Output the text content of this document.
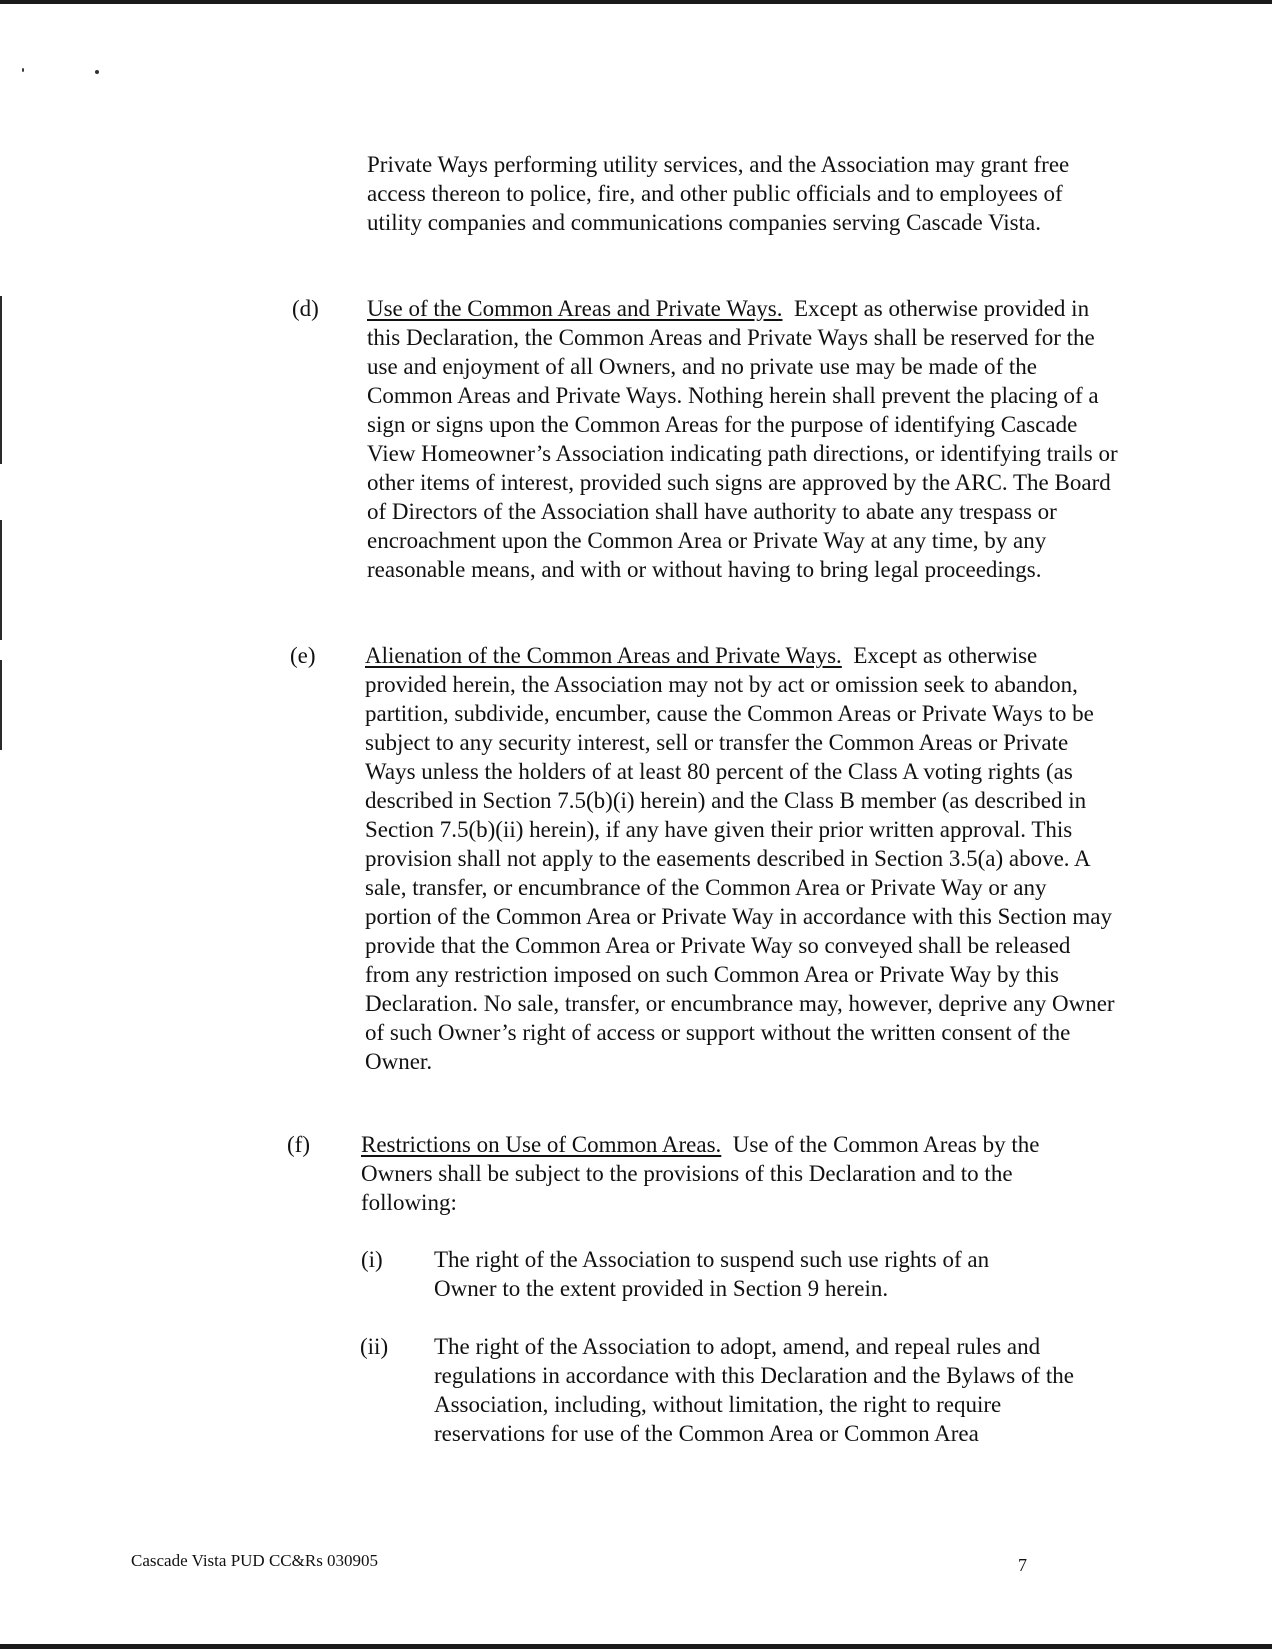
Private Ways performing utility services, and the Association may grant free access thereon to police, fire, and other public officials and to employees of utility companies and communications companies serving Cascade Vista.

(d) Use of the Common Areas and Private Ways. Except as otherwise provided in this Declaration, the Common Areas and Private Ways shall be reserved for the use and enjoyment of all Owners, and no private use may be made of the Common Areas and Private Ways. Nothing herein shall prevent the placing of a sign or signs upon the Common Areas for the purpose of identifying Cascade View Homeowner’s Association indicating path directions, or identifying trails or other items of interest, provided such signs are approved by the ARC. The Board of Directors of the Association shall have authority to abate any trespass or encroachment upon the Common Area or Private Way at any time, by any reasonable means, and with or without having to bring legal proceedings.

(e) Alienation of the Common Areas and Private Ways. Except as otherwise provided herein, the Association may not by act or omission seek to abandon, partition, subdivide, encumber, cause the Common Areas or Private Ways to be subject to any security interest, sell or transfer the Common Areas or Private Ways unless the holders of at least 80 percent of the Class A voting rights (as described in Section 7.5(b)(i) herein) and the Class B member (as described in Section 7.5(b)(ii) herein), if any have given their prior written approval. This provision shall not apply to the easements described in Section 3.5(a) above. A sale, transfer, or encumbrance of the Common Area or Private Way or any portion of the Common Area or Private Way in accordance with this Section may provide that the Common Area or Private Way so conveyed shall be released from any restriction imposed on such Common Area or Private Way by this Declaration. No sale, transfer, or encumbrance may, however, deprive any Owner of such Owner’s right of access or support without the written consent of the Owner.

(f) Restrictions on Use of Common Areas. Use of the Common Areas by the Owners shall be subject to the provisions of this Declaration and to the following:

(i) The right of the Association to suspend such use rights of an Owner to the extent provided in Section 9 herein.

(ii) The right of the Association to adopt, amend, and repeal rules and regulations in accordance with this Declaration and the Bylaws of the Association, including, without limitation, the right to require reservations for use of the Common Area or Common Area

Cascade Vista PUD CC&Rs 030905	7
